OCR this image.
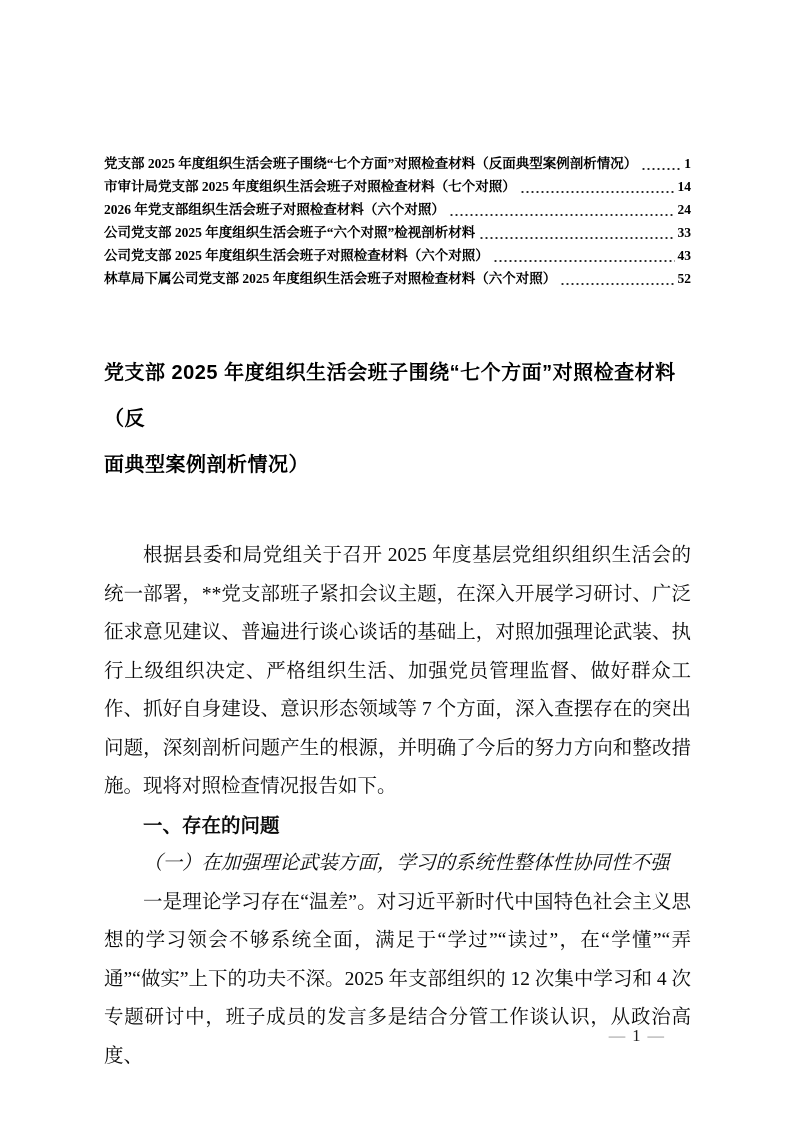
党支部 2025 年度组织生活会班子围绕“七个方面”对照检查材料（反面典型案例剖析情况）	1
市审计局党支部 2025 年度组织生活会班子对照检查材料（七个对照）	14
2026 年党支部组织生活会班子对照检查材料（六个对照）	24
公司党支部 2025 年度组织生活会班子“六个对照”检视剖析材料	33
公司党支部 2025 年度组织生活会班子对照检查材料（六个对照）	43
林草局下属公司党支部 2025 年度组织生活会班子对照检查材料（六个对照）	52
党支部 2025 年度组织生活会班子围绕“七个方面”对照检查材料（反
面典型案例剖析情况）

根据县委和局党组关于召开 2025 年度基层党组织组织生活会的统一部署，**党支部班子紧扣会议主题，在深入开展学习研讨、广泛征求意见建议、普遍进行谈心谈话的基础上，对照加强理论武装、执行上级组织决定、严格组织生活、加强党员管理监督、做好群众工作、抓好自身建设、意识形态领域等 7 个方面，深入查摆存在的突出问题，深刻剖析问题产生的根源，并明确了今后的努力方向和整改措施。现将对照检查情况报告如下。

一、存在的问题

（一）在加强理论武装方面，学习的系统性整体性协同性不强

一是理论学习存在“温差”。对习近平新时代中国特色社会主义思想的学习领会不够系统全面，满足于“学过”“读过”，在“学懂”“弄通”“做实”上下的功夫不深。2025 年支部组织的 12 次集中学习和 4 次专题研讨中，班子成员的发言多是结合分管工作谈认识，从政治高度、

— 1 —
